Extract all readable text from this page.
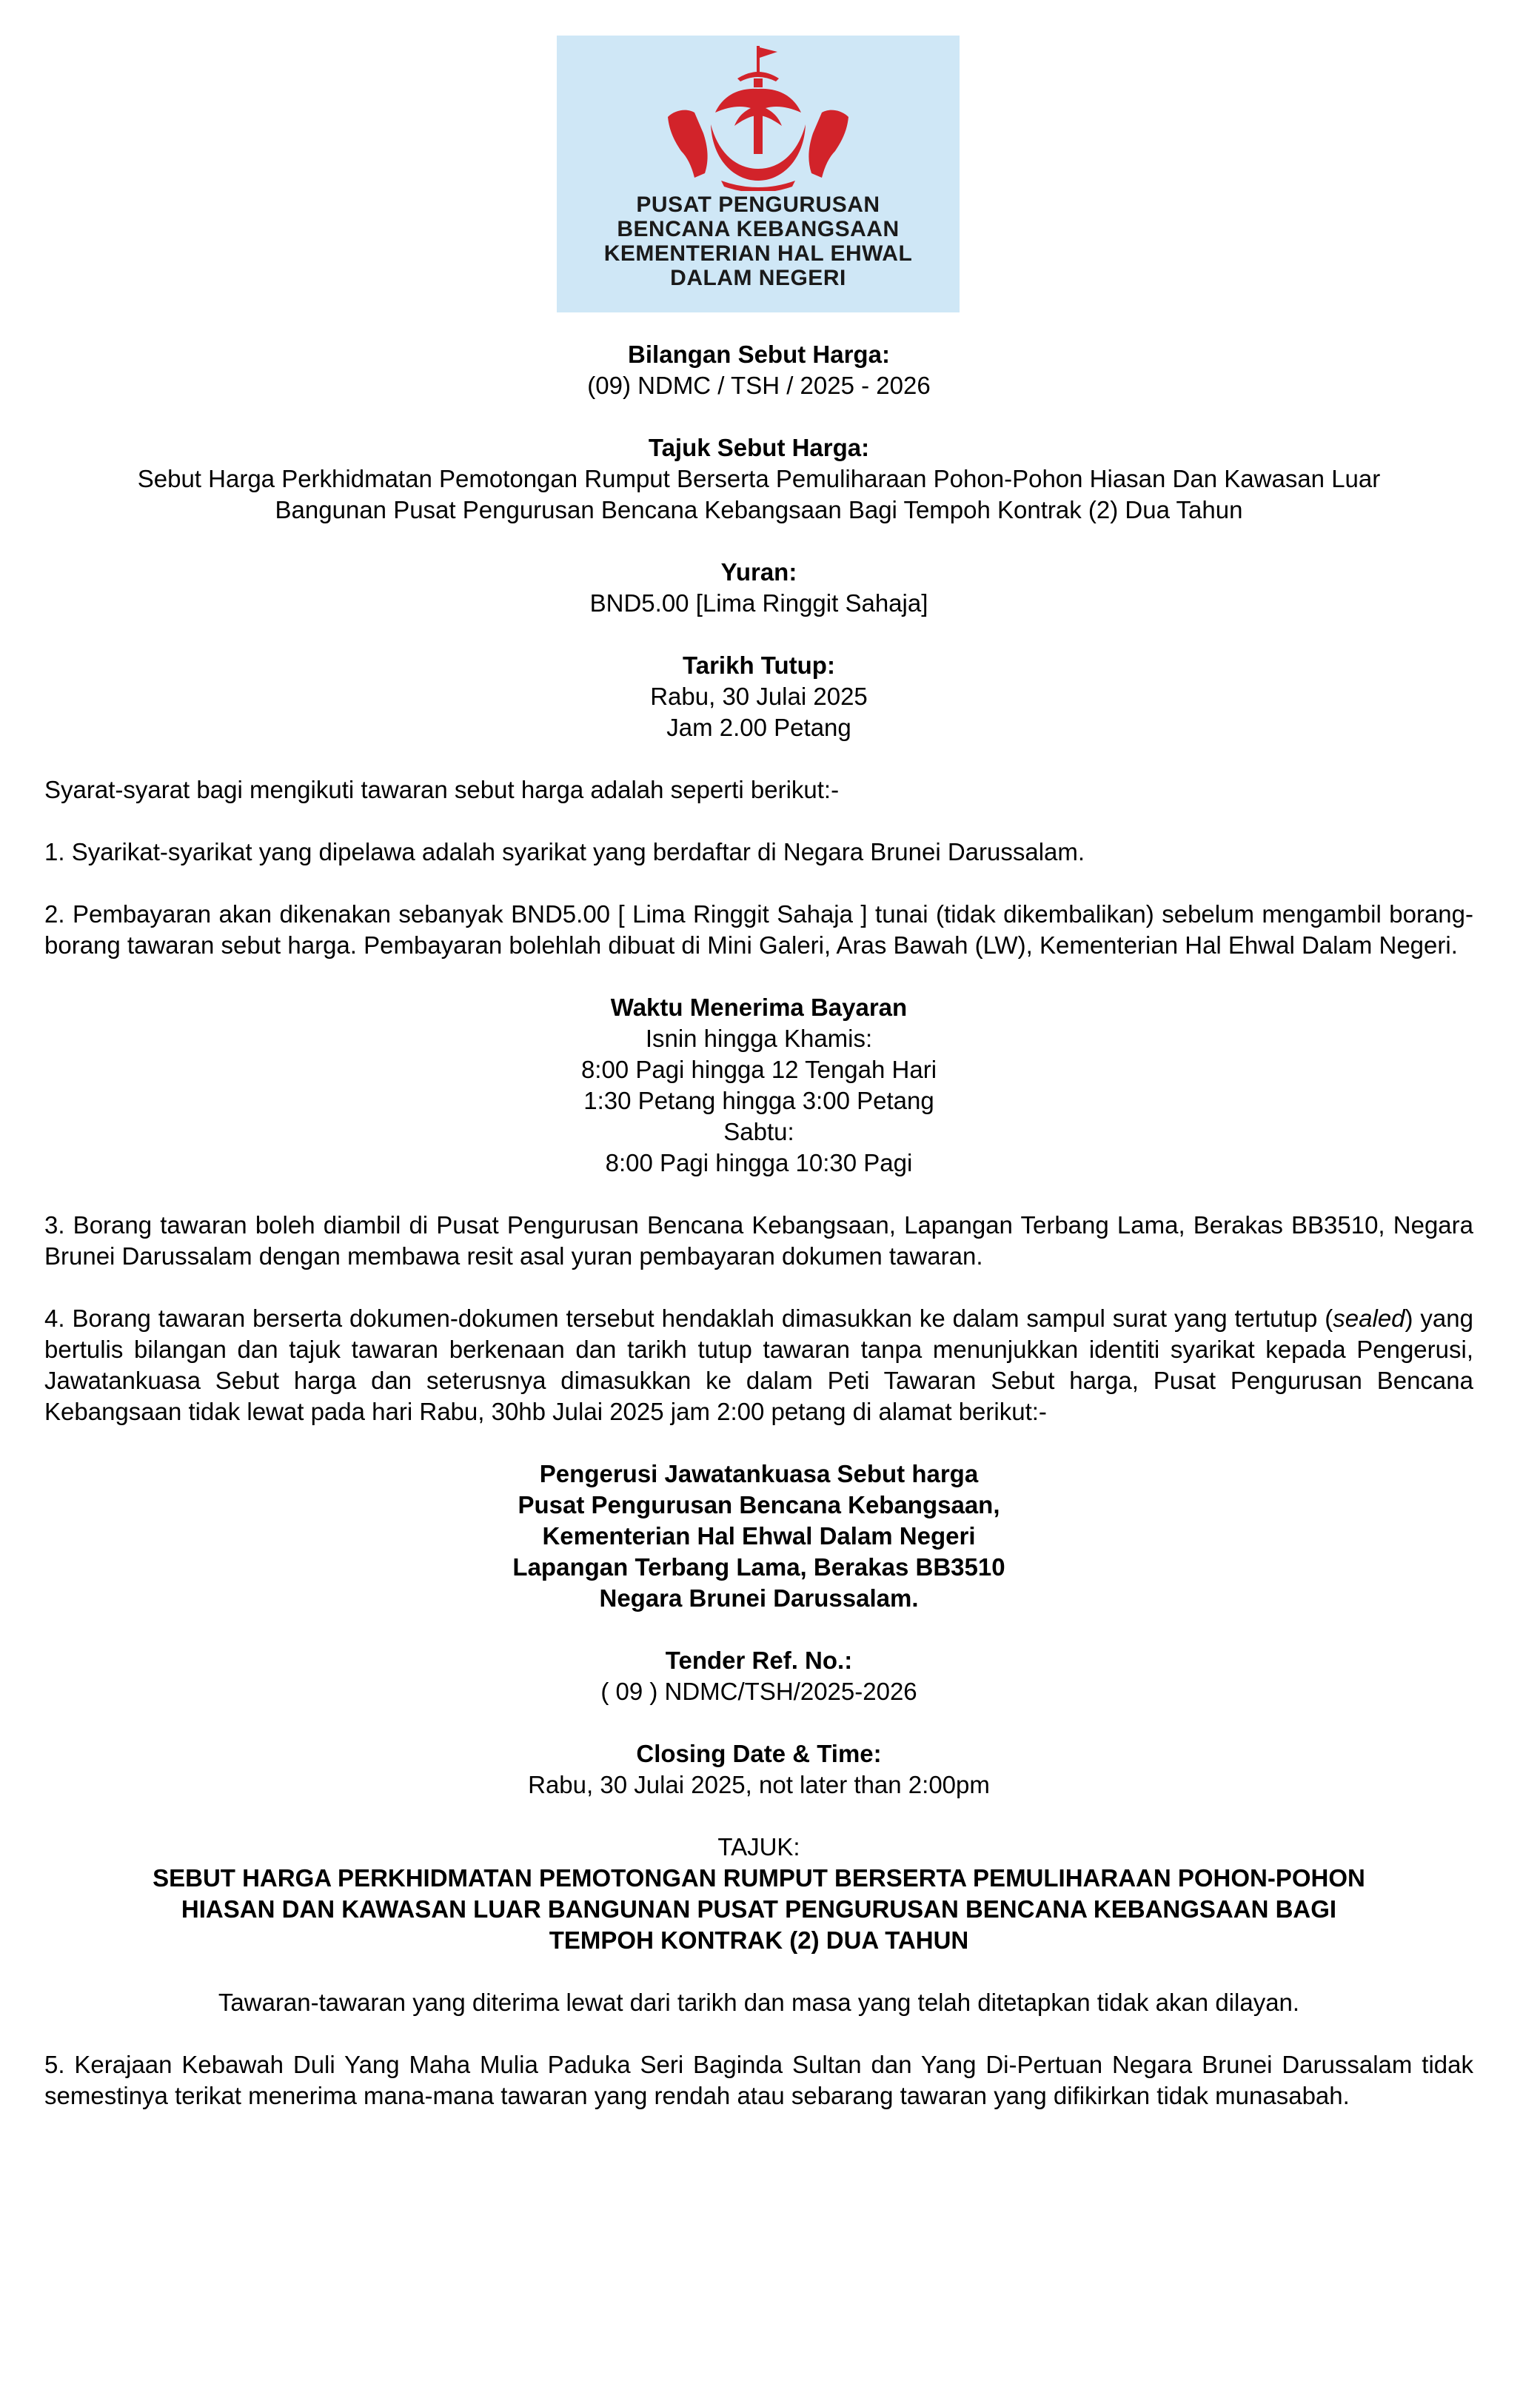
PUSAT PENGURUSAN
BENCANA KEBANGSAAN
KEMENTERIAN HAL EHWAL
DALAM NEGERI
Bilangan Sebut Harga:
(09) NDMC / TSH / 2025 - 2026
Tajuk Sebut Harga:
Sebut Harga Perkhidmatan Pemotongan Rumput Berserta Pemuliharaan Pohon-Pohon Hiasan Dan Kawasan Luar
Bangunan Pusat Pengurusan Bencana Kebangsaan Bagi Tempoh Kontrak (2) Dua Tahun
Yuran:
BND5.00 [Lima Ringgit Sahaja]
Tarikh Tutup:
Rabu, 30 Julai 2025
Jam 2.00 Petang

Syarat-syarat bagi mengikuti tawaran sebut harga adalah seperti berikut:-

1. Syarikat-syarikat yang dipelawa adalah syarikat yang berdaftar di Negara Brunei Darussalam.

2. Pembayaran akan dikenakan sebanyak BND5.00 [ Lima Ringgit Sahaja ] tunai (tidak dikembalikan) sebelum mengambil borang-borang tawaran sebut harga. Pembayaran bolehlah dibuat di Mini Galeri, Aras Bawah (LW), Kementerian Hal Ehwal Dalam Negeri.

Waktu Menerima Bayaran
Isnin hingga Khamis:
8:00 Pagi hingga 12 Tengah Hari
1:30 Petang hingga 3:00 Petang
Sabtu:
8:00 Pagi hingga 10:30 Pagi

3. Borang tawaran boleh diambil di Pusat Pengurusan Bencana Kebangsaan, Lapangan Terbang Lama, Berakas BB3510, Negara Brunei Darussalam dengan membawa resit asal yuran pembayaran dokumen tawaran.

4. Borang tawaran berserta dokumen-dokumen tersebut hendaklah dimasukkan ke dalam sampul surat yang tertutup (sealed) yang bertulis bilangan dan tajuk tawaran berkenaan dan tarikh tutup tawaran tanpa menunjukkan identiti syarikat kepada Pengerusi, Jawatankuasa Sebut harga dan seterusnya dimasukkan ke dalam Peti Tawaran Sebut harga, Pusat Pengurusan Bencana Kebangsaan tidak lewat pada hari Rabu, 30hb Julai 2025 jam 2:00 petang di alamat berikut:-

Pengerusi Jawatankuasa Sebut harga
Pusat Pengurusan Bencana Kebangsaan,
Kementerian Hal Ehwal Dalam Negeri
Lapangan Terbang Lama, Berakas BB3510
Negara Brunei Darussalam.
Tender Ref. No.:
( 09 ) NDMC/TSH/2025-2026
Closing Date & Time:
Rabu, 30 Julai 2025, not later than 2:00pm
TAJUK:
SEBUT HARGA PERKHIDMATAN PEMOTONGAN RUMPUT BERSERTA PEMULIHARAAN POHON-POHON
HIASAN DAN KAWASAN LUAR BANGUNAN PUSAT PENGURUSAN BENCANA KEBANGSAAN BAGI
TEMPOH KONTRAK (2) DUA TAHUN

Tawaran-tawaran yang diterima lewat dari tarikh dan masa yang telah ditetapkan tidak akan dilayan.

5. Kerajaan Kebawah Duli Yang Maha Mulia Paduka Seri Baginda Sultan dan Yang Di-Pertuan Negara Brunei Darussalam tidak semestinya terikat menerima mana-mana tawaran yang rendah atau sebarang tawaran yang difikirkan tidak munasabah.
